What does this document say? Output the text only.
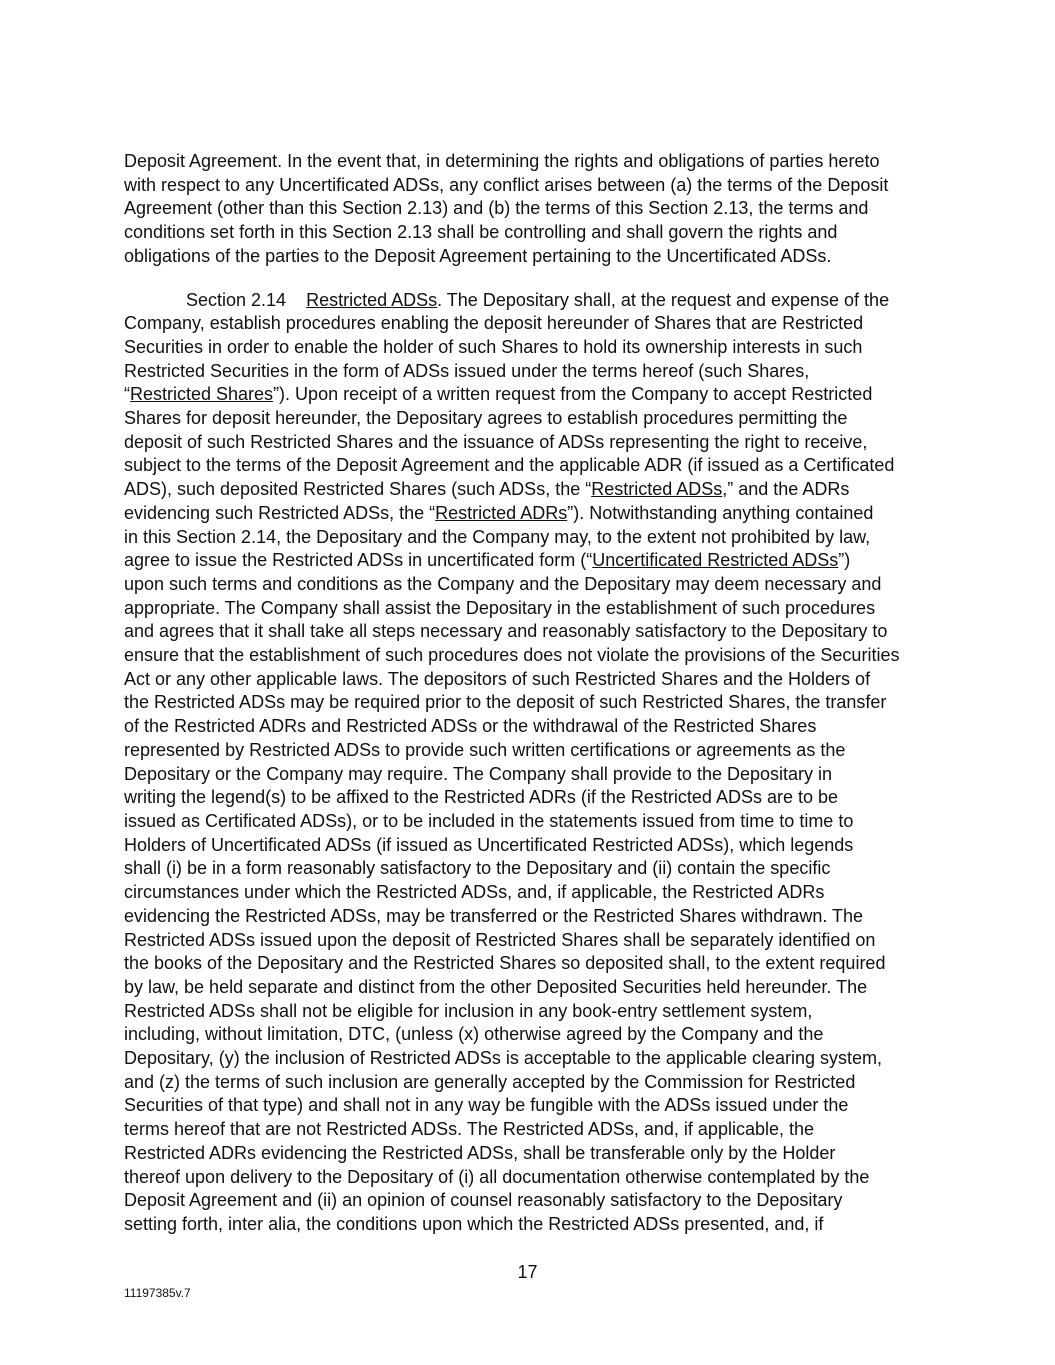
Deposit Agreement. In the event that, in determining the rights and obligations of parties hereto
with respect to any Uncertificated ADSs, any conflict arises between (a) the terms of the Deposit
Agreement (other than this Section 2.13) and (b) the terms of this Section 2.13, the terms and
conditions set forth in this Section 2.13 shall be controlling and shall govern the rights and
obligations of the parties to the Deposit Agreement pertaining to the Uncertificated ADSs.
Section 2.14 Restricted ADSs. The Depositary shall, at the request and expense of the
Company, establish procedures enabling the deposit hereunder of Shares that are Restricted
Securities in order to enable the holder of such Shares to hold its ownership interests in such
Restricted Securities in the form of ADSs issued under the terms hereof (such Shares,
“Restricted Shares”). Upon receipt of a written request from the Company to accept Restricted
Shares for deposit hereunder, the Depositary agrees to establish procedures permitting the
deposit of such Restricted Shares and the issuance of ADSs representing the right to receive,
subject to the terms of the Deposit Agreement and the applicable ADR (if issued as a Certificated
ADS), such deposited Restricted Shares (such ADSs, the “Restricted ADSs,” and the ADRs
evidencing such Restricted ADSs, the “Restricted ADRs”). Notwithstanding anything contained
in this Section 2.14, the Depositary and the Company may, to the extent not prohibited by law,
agree to issue the Restricted ADSs in uncertificated form (“Uncertificated Restricted ADSs”)
upon such terms and conditions as the Company and the Depositary may deem necessary and
appropriate. The Company shall assist the Depositary in the establishment of such procedures
and agrees that it shall take all steps necessary and reasonably satisfactory to the Depositary to
ensure that the establishment of such procedures does not violate the provisions of the Securities
Act or any other applicable laws. The depositors of such Restricted Shares and the Holders of
the Restricted ADSs may be required prior to the deposit of such Restricted Shares, the transfer
of the Restricted ADRs and Restricted ADSs or the withdrawal of the Restricted Shares
represented by Restricted ADSs to provide such written certifications or agreements as the
Depositary or the Company may require. The Company shall provide to the Depositary in
writing the legend(s) to be affixed to the Restricted ADRs (if the Restricted ADSs are to be
issued as Certificated ADSs), or to be included in the statements issued from time to time to
Holders of Uncertificated ADSs (if issued as Uncertificated Restricted ADSs), which legends
shall (i) be in a form reasonably satisfactory to the Depositary and (ii) contain the specific
circumstances under which the Restricted ADSs, and, if applicable, the Restricted ADRs
evidencing the Restricted ADSs, may be transferred or the Restricted Shares withdrawn. The
Restricted ADSs issued upon the deposit of Restricted Shares shall be separately identified on
the books of the Depositary and the Restricted Shares so deposited shall, to the extent required
by law, be held separate and distinct from the other Deposited Securities held hereunder. The
Restricted ADSs shall not be eligible for inclusion in any book-entry settlement system,
including, without limitation, DTC, (unless (x) otherwise agreed by the Company and the
Depositary, (y) the inclusion of Restricted ADSs is acceptable to the applicable clearing system,
and (z) the terms of such inclusion are generally accepted by the Commission for Restricted
Securities of that type) and shall not in any way be fungible with the ADSs issued under the
terms hereof that are not Restricted ADSs. The Restricted ADSs, and, if applicable, the
Restricted ADRs evidencing the Restricted ADSs, shall be transferable only by the Holder
thereof upon delivery to the Depositary of (i) all documentation otherwise contemplated by the
Deposit Agreement and (ii) an opinion of counsel reasonably satisfactory to the Depositary
setting forth, inter alia, the conditions upon which the Restricted ADSs presented, and, if
17
11197385v.7
